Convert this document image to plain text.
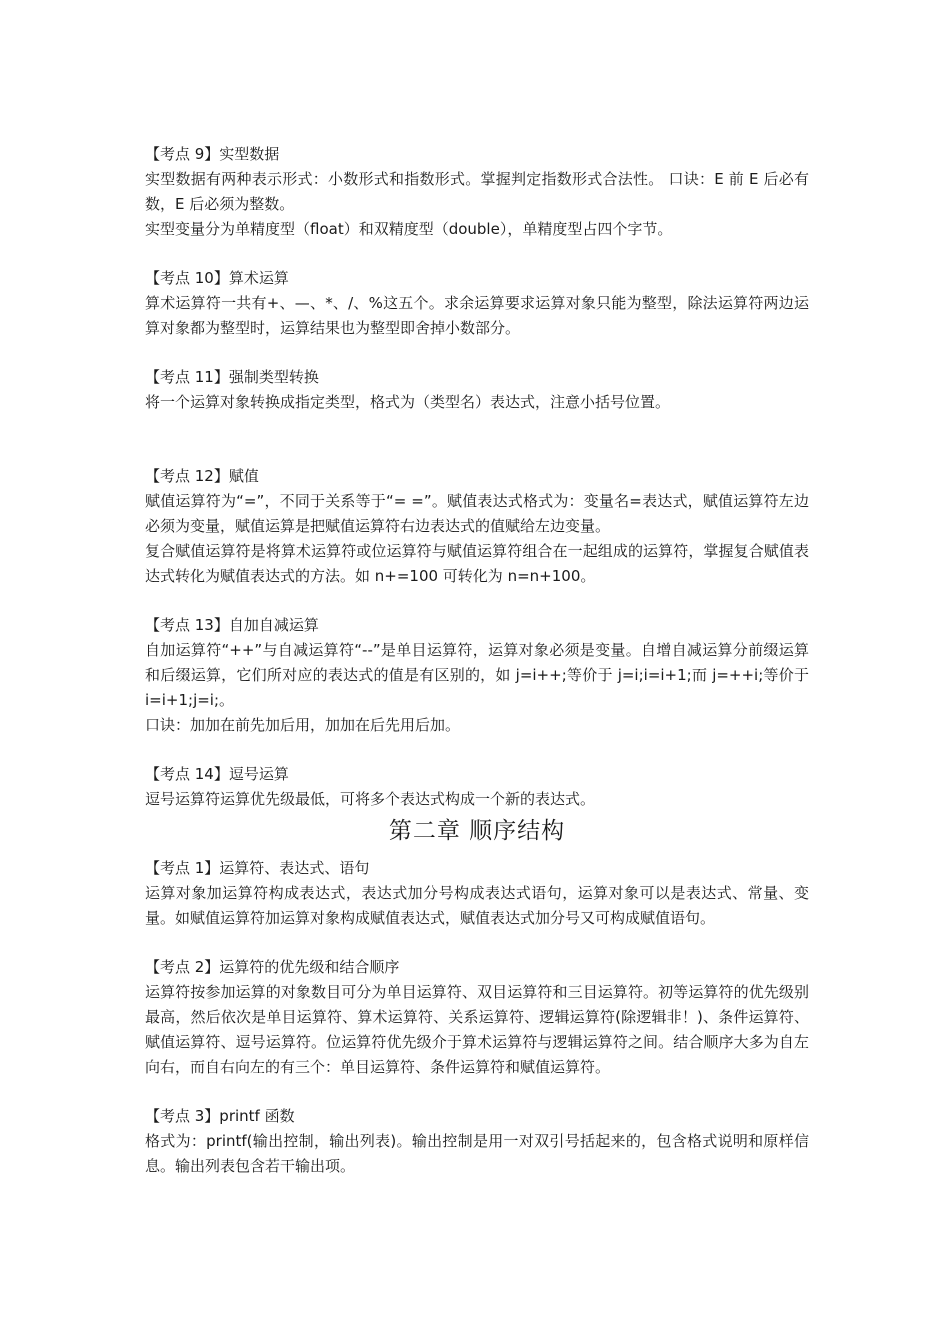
【考点 9】实型数据
实型数据有两种表示形式：小数形式和指数形式。掌握判定指数形式合法性。 口诀：E 前 E 后必有数，E 后必须为整数。
实型变量分为单精度型（float）和双精度型（double），单精度型占四个字节。
【考点 10】算术运算
算术运算符一共有+、—、*、/、%这五个。求余运算要求运算对象只能为整型，除法运算符两边运算对象都为整型时，运算结果也为整型即舍掉小数部分。
【考点 11】强制类型转换
将一个运算对象转换成指定类型，格式为（类型名）表达式，注意小括号位置。
【考点 12】赋值
赋值运算符为“=”，不同于关系等于“= =”。赋值表达式格式为：变量名=表达式，赋值运算符左边必须为变量，赋值运算是把赋值运算符右边表达式的值赋给左边变量。
复合赋值运算符是将算术运算符或位运算符与赋值运算符组合在一起组成的运算符，掌握复合赋值表达式转化为赋值表达式的方法。如 n+=100 可转化为 n=n+100。
【考点 13】自加自减运算
自加运算符“++”与自减运算符“--”是单目运算符，运算对象必须是变量。自增自减运算分前缀运算和后缀运算，它们所对应的表达式的值是有区别的，如 j=i++;等价于 j=i;i=i+1;而 j=++i;等价于 i=i+1;j=i;。
口诀：加加在前先加后用，加加在后先用后加。
【考点 14】逗号运算
逗号运算符运算优先级最低，可将多个表达式构成一个新的表达式。
第二章 顺序结构
【考点 1】运算符、表达式、语句
运算对象加运算符构成表达式，表达式加分号构成表达式语句，运算对象可以是表达式、常量、变量。如赋值运算符加运算对象构成赋值表达式，赋值表达式加分号又可构成赋值语句。
【考点 2】运算符的优先级和结合顺序
运算符按参加运算的对象数目可分为单目运算符、双目运算符和三目运算符。初等运算符的优先级别最高，然后依次是单目运算符、算术运算符、关系运算符、逻辑运算符(除逻辑非！)、条件运算符、赋值运算符、逗号运算符。位运算符优先级介于算术运算符与逻辑运算符之间。结合顺序大多为自左向右，而自右向左的有三个：单目运算符、条件运算符和赋值运算符。
【考点 3】printf 函数
格式为：printf(输出控制，输出列表)。输出控制是用一对双引号括起来的，包含格式说明和原样信息。输出列表包含若干输出项。
